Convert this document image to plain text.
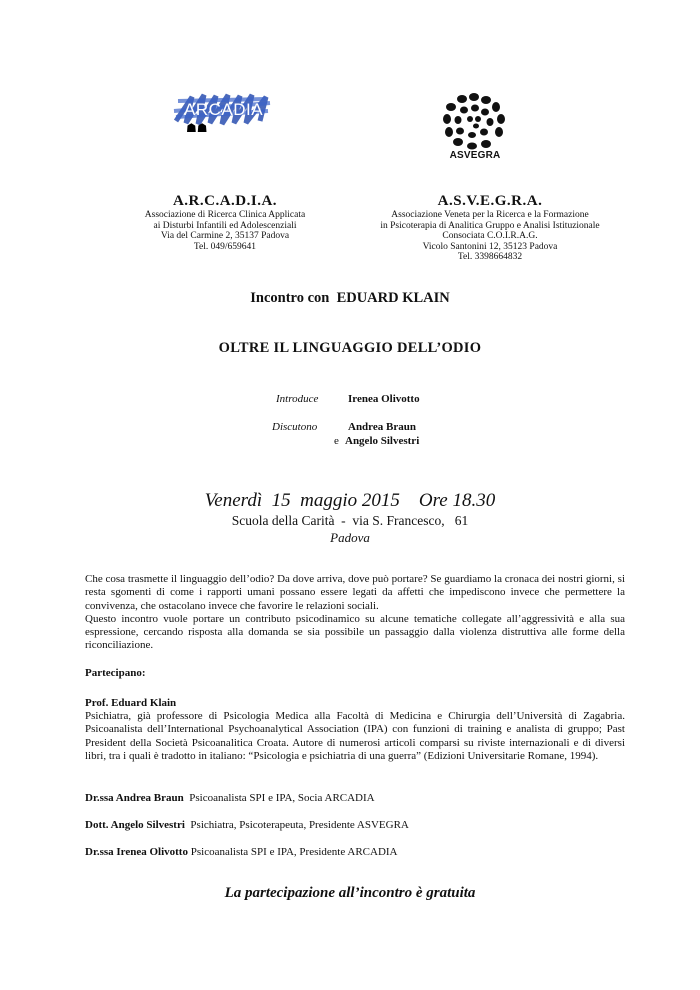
ARCADIA
☗☗
ASVEGRA
A.R.C.A.D.I.A.
Associazione di Ricerca Clinica Applicata
ai Disturbi Infantili ed Adolescenziali
Via del Carmine 2, 35137 Padova
Tel. 049/659641
A.S.V.E.G.R.A.
Associazione Veneta per la Ricerca e la Formazione
in Psicoterapia di Analitica Gruppo e Analisi Istituzionale
Consociata C.O.I.R.A.G.
Vicolo Santonini 12, 35123 Padova
Tel. 3398664832
Incontro con  EDUARD KLAIN
OLTRE IL LINGUAGGIO DELL’ODIO
Introduce	Irenea Olivotto
Discutono	Andrea Braun
e Angelo Silvestri
Venerdì  15  maggio 2015    Ore 18.30
Scuola della Carità  -  via S. Francesco,   61
Padova
Che cosa trasmette il linguaggio dell’odio? Da dove arriva, dove può portare? Se guardiamo la cronaca dei nostri giorni, si resta sgomenti di come i rapporti umani possano essere legati da affetti che impediscono invece che permettere la convivenza, che ostacolano invece che favorire le relazioni sociali.
Questo incontro vuole portare un contributo psicodinamico su alcune tematiche collegate all’aggressività e alla sua espressione, cercando risposta alla domanda se sia possibile un passaggio dalla violenza distruttiva alle forme della riconciliazione.
Partecipano:
Prof. Eduard Klain
Psichiatra, già professore di Psicologia Medica alla Facoltà di Medicina e Chirurgia dell’Università di Zagabria. Psicoanalista dell’International Psychoanalytical Association (IPA) con funzioni di training e analista di gruppo; Past President della Società Psicoanalitica Croata. Autore di numerosi articoli comparsi su riviste internazionali e di diversi libri, tra i quali è tradotto in italiano: “Psicologia e psichiatria di una guerra” (Edizioni Universitarie Romane, 1994).
Dr.ssa Andrea Braun Psicoanalista SPI e IPA, Socia ARCADIA
Dott. Angelo Silvestri Psichiatra, Psicoterapeuta, Presidente ASVEGRA
Dr.ssa Irenea Olivotto Psicoanalista SPI e IPA, Presidente ARCADIA
La partecipazione all’incontro è gratuita
